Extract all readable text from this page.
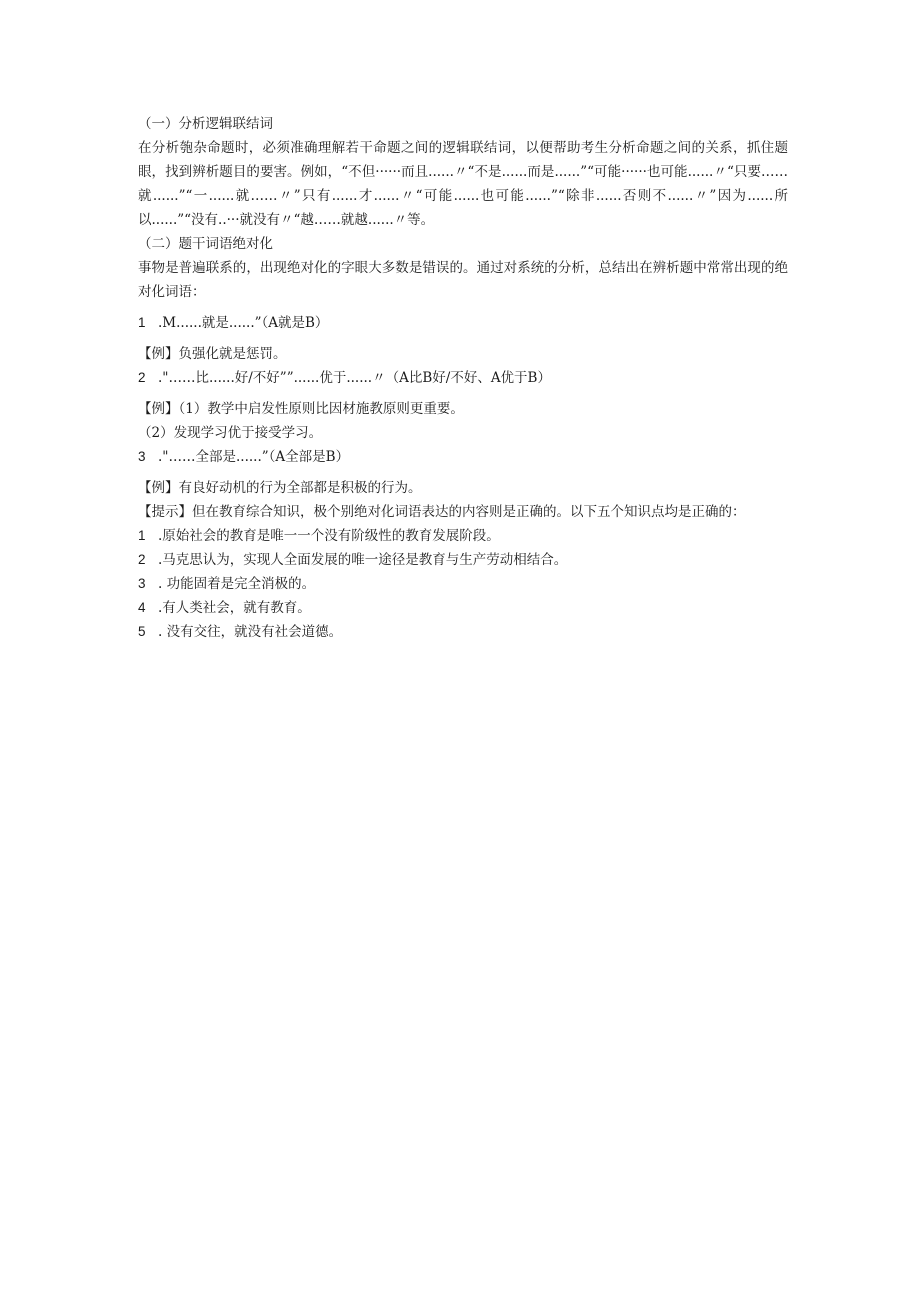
（一）分析逻辑联结词
在分析匏杂命题时，必须准确理解若干命题之间的逻辑联结词，以便帮助考生分析命题之间的关系，抓住题眼，找到辨析题目的要害。例如，“不但······而且......〃“不是......而是......”“可能······也可能......〃“只要……就......”“一......就……〃”只有......才......〃“可能......也可能......”“除非......否则不......〃”因为......所以......”“没有..···就没有〃“越……就越......〃等。
（二）题干词语绝对化
事物是普遍联系的，出现绝对化的字眼大多数是错误的。通过对系统的分析，总结出在辨析题中常常出现的绝对化词语：
1 .M......就是......”（A就是B）
【例】负强化就是惩罚。
2 ."……比......好/不好””......优于......〃（A比B好/不好、A优于B）
【例】（1）教学中启发性原则比因材施教原则更重要。
（2）发现学习优于接受学习。
3 ."……全部是......”（A全部是B）
【例】有良好动机的行为全部都是积极的行为。
【提示】但在教育综合知识，极个别绝对化词语表达的内容则是正确的。以下五个知识点均是正确的：
1 .原始社会的教育是唯一一个没有阶级性的教育发展阶段。
2 .马克思认为，实现人全面发展的唯一途径是教育与生产劳动相结合。
3 . 功能固着是完全消极的。
4 .有人类社会，就有教育。
5 . 没有交往，就没有社会道德。
